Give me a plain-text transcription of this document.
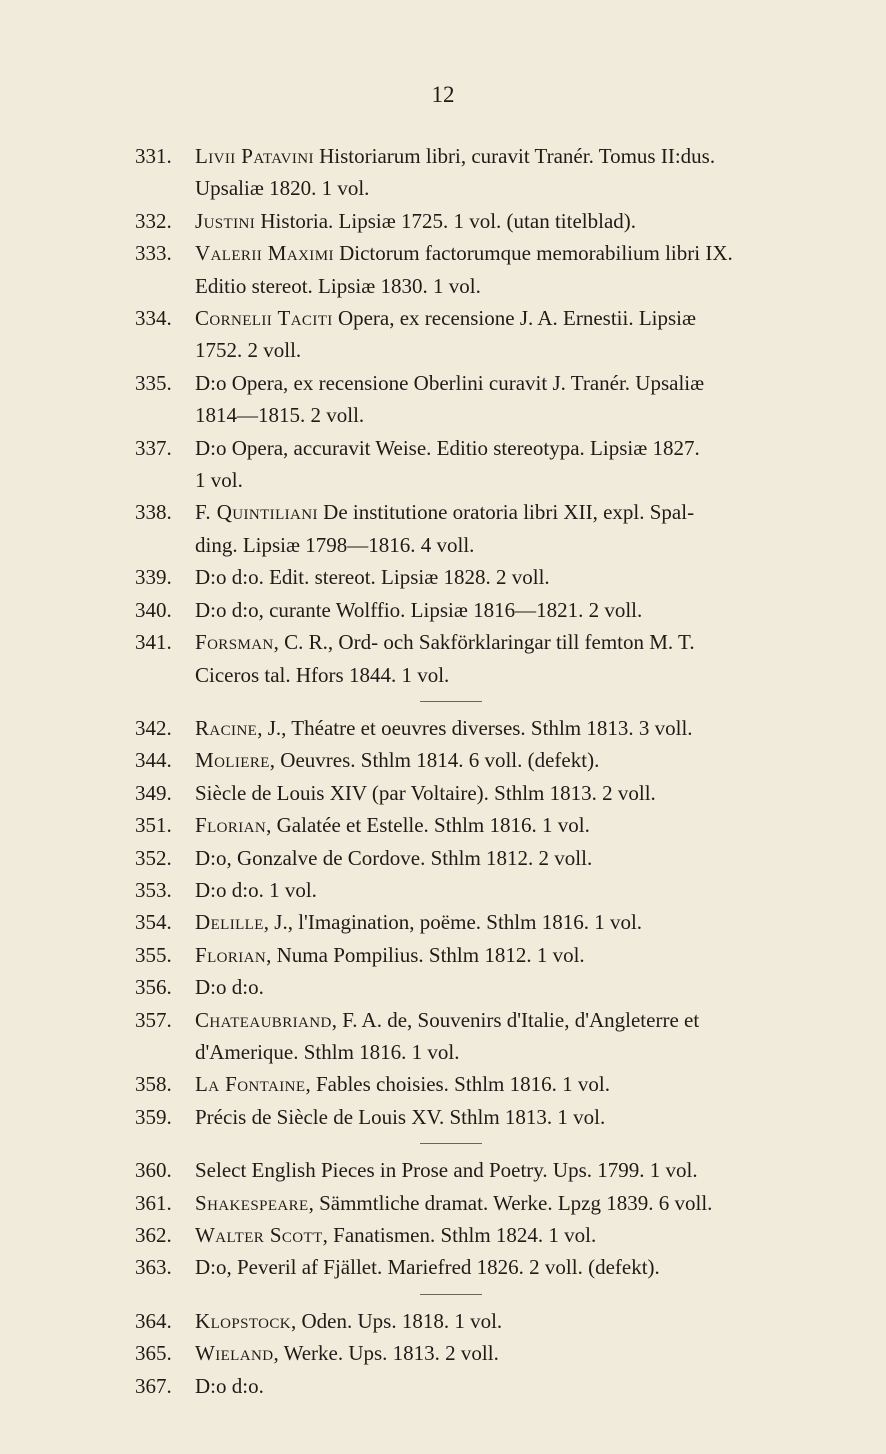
12
331.	Livii Patavini Historiarum libri, curavit Tranér. Tomus II:dus.
Upsaliæ 1820. 1 vol.
332.	Justini Historia. Lipsiæ 1725. 1 vol. (utan titelblad).
333.	Valerii Maximi Dictorum factorumque memorabilium libri IX.
Editio stereot. Lipsiæ 1830. 1 vol.
334.	Cornelii Taciti Opera, ex recensione J. A. Ernestii. Lipsiæ
1752. 2 voll.
335.	D:o Opera, ex recensione Oberlini curavit J. Tranér. Upsaliæ
1814—1815. 2 voll.
337.	D:o Opera, accuravit Weise. Editio stereotypa. Lipsiæ 1827.
1 vol.
338.	F. Quintiliani De institutione oratoria libri XII, expl. Spal-
ding. Lipsiæ 1798—1816. 4 voll.
339.	D:o d:o. Edit. stereot. Lipsiæ 1828. 2 voll.
340.	D:o d:o, curante Wolffio. Lipsiæ 1816—1821. 2 voll.
341.	Forsman, C. R., Ord- och Sakförklaringar till femton M. T.
Ciceros tal. Hfors 1844. 1 vol.
342.	Racine, J., Théatre et oeuvres diverses. Sthlm 1813. 3 voll.
344.	Moliere, Oeuvres. Sthlm 1814. 6 voll. (defekt).
349.	Siècle de Louis XIV (par Voltaire). Sthlm 1813. 2 voll.
351.	Florian, Galatée et Estelle. Sthlm 1816. 1 vol.
352.	D:o, Gonzalve de Cordove. Sthlm 1812. 2 voll.
353.	D:o d:o. 1 vol.
354.	Delille, J., l'Imagination, poëme. Sthlm 1816. 1 vol.
355.	Florian, Numa Pompilius. Sthlm 1812. 1 vol.
356.	D:o d:o.
357.	Chateaubriand, F. A. de, Souvenirs d'Italie, d'Angleterre et
d'Amerique. Sthlm 1816. 1 vol.
358.	La Fontaine, Fables choisies. Sthlm 1816. 1 vol.
359.	Précis de Siècle de Louis XV. Sthlm 1813. 1 vol.
360.	Select English Pieces in Prose and Poetry. Ups. 1799. 1 vol.
361.	Shakespeare, Sämmtliche dramat. Werke. Lpzg 1839. 6 voll.
362.	Walter Scott, Fanatismen. Sthlm 1824. 1 vol.
363.	D:o, Peveril af Fjället. Mariefred 1826. 2 voll. (defekt).
364.	Klopstock, Oden. Ups. 1818. 1 vol.
365.	Wieland, Werke. Ups. 1813. 2 voll.
367.	D:o d:o.
